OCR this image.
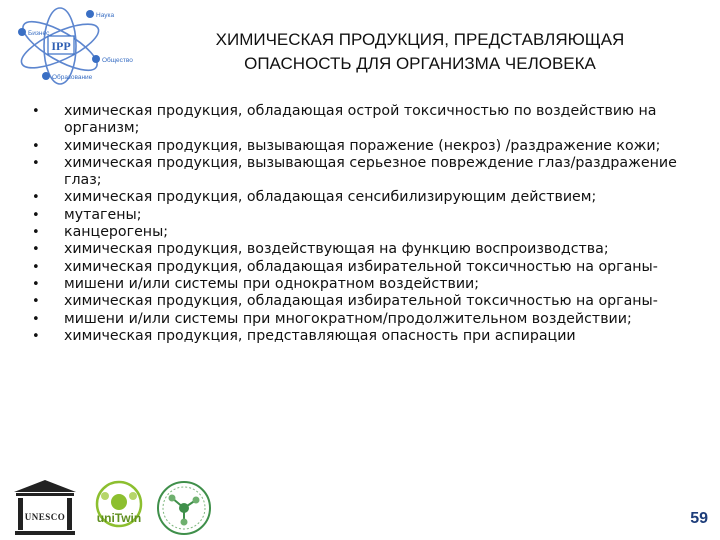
IPP
Наука
Бизнес
Общество
Образование
ХИМИЧЕСКАЯ ПРОДУКЦИЯ, ПРЕДСТАВЛЯЮЩАЯ
ОПАСНОСТЬ ДЛЯ ОРГАНИЗМА ЧЕЛОВЕКА
• химическая продукция, обладающая острой токсичностью по воздействию на организм;
• химическая продукция, вызывающая поражение (некроз) /раздражение кожи;
• химическая продукция, вызывающая серьезное повреждение глаз/раздражение глаз;
• химическая продукция, обладающая сенсибилизирующим действием;
• мутагены;
• канцерогены;
• химическая продукция, воздействующая на функцию воспроизводства;
• химическая продукция, обладающая избирательной токсичностью на органы-
• мишени и/или системы при однократном воздействии;
• химическая продукция, обладающая избирательной токсичностью на органы-
• мишени и/или системы при многократном/продолжительном воздействии;
• химическая продукция, представляющая опасность при аспирации
UNESCO	uniTwin	59
